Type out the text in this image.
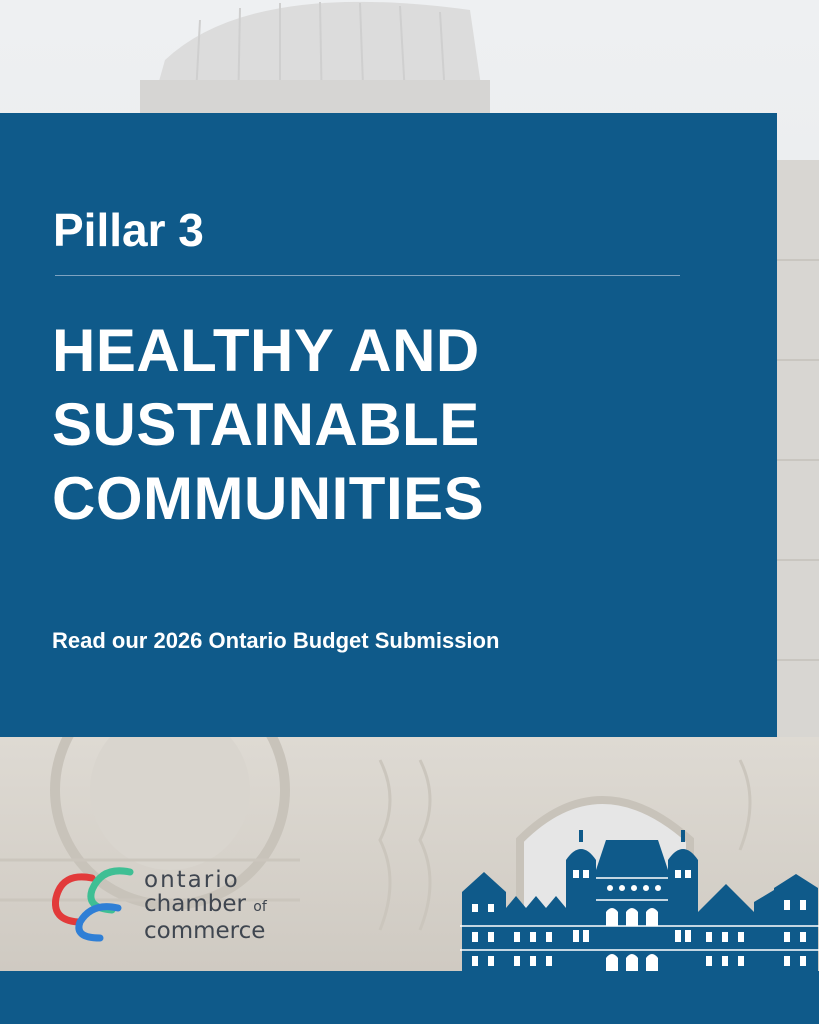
Pillar 3
HEALTHY AND
SUSTAINABLE
COMMUNITIES
Read our 2026 Ontario Budget Submission
ontario
chamber of
commerce
